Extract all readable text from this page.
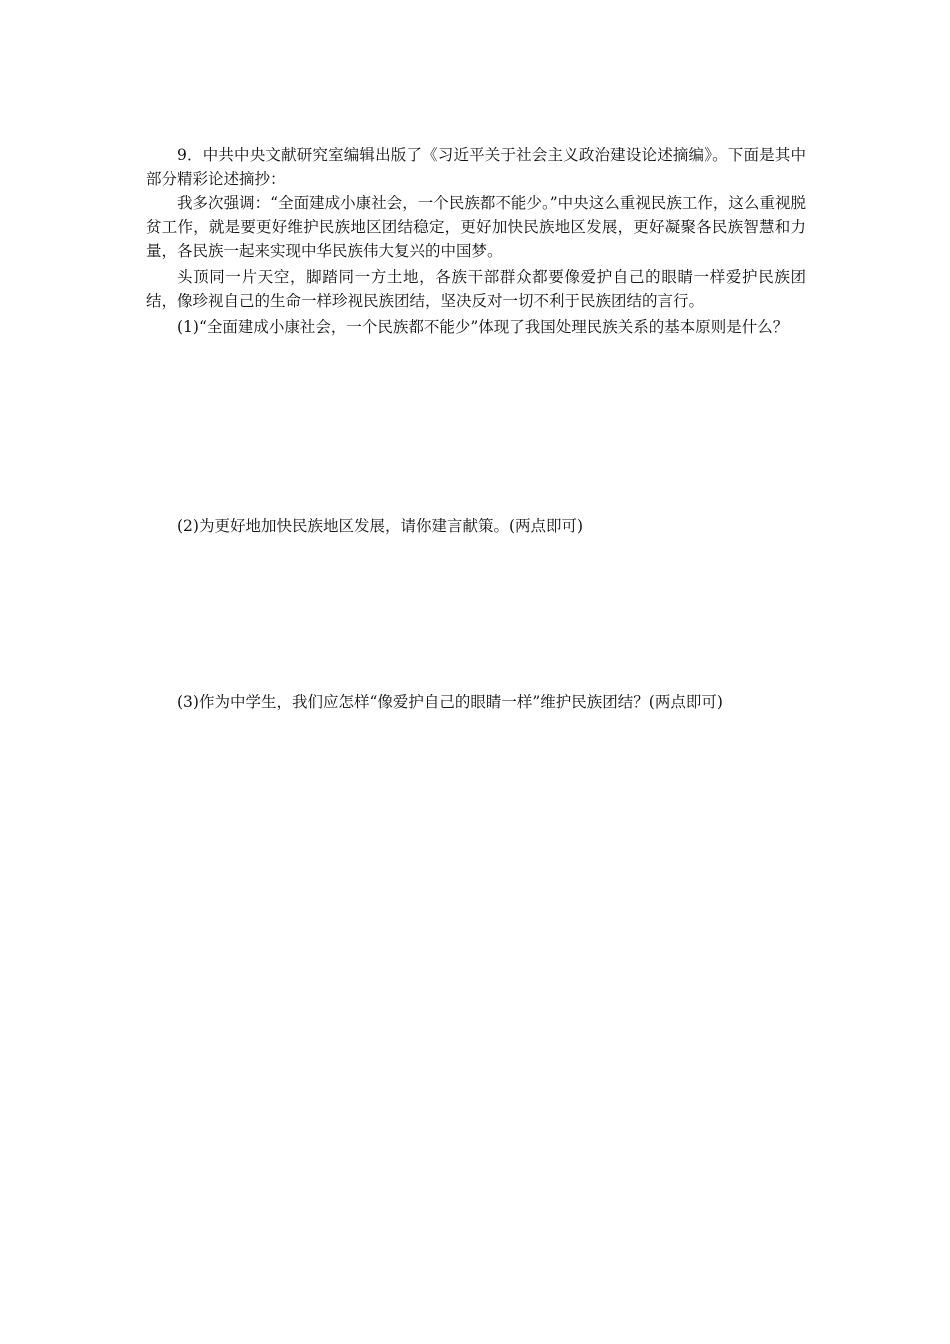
9．中共中央文献研究室编辑出版了《习近平关于社会主义政治建设论述摘编》。下面是其中部分精彩论述摘抄：

我多次强调：“全面建成小康社会，一个民族都不能少。”中央这么重视民族工作，这么重视脱贫工作，就是要更好维护民族地区团结稳定，更好加快民族地区发展，更好凝聚各民族智慧和力量，各民族一起来实现中华民族伟大复兴的中国梦。

头顶同一片天空，脚踏同一方土地，各族干部群众都要像爱护自己的眼睛一样爱护民族团结，像珍视自己的生命一样珍视民族团结，坚决反对一切不利于民族团结的言行。

(1)“全面建成小康社会，一个民族都不能少”体现了我国处理民族关系的基本原则是什么？

(2)为更好地加快民族地区发展，请你建言献策。(两点即可)

(3)作为中学生，我们应怎样“像爱护自己的眼睛一样”维护民族团结？(两点即可)
